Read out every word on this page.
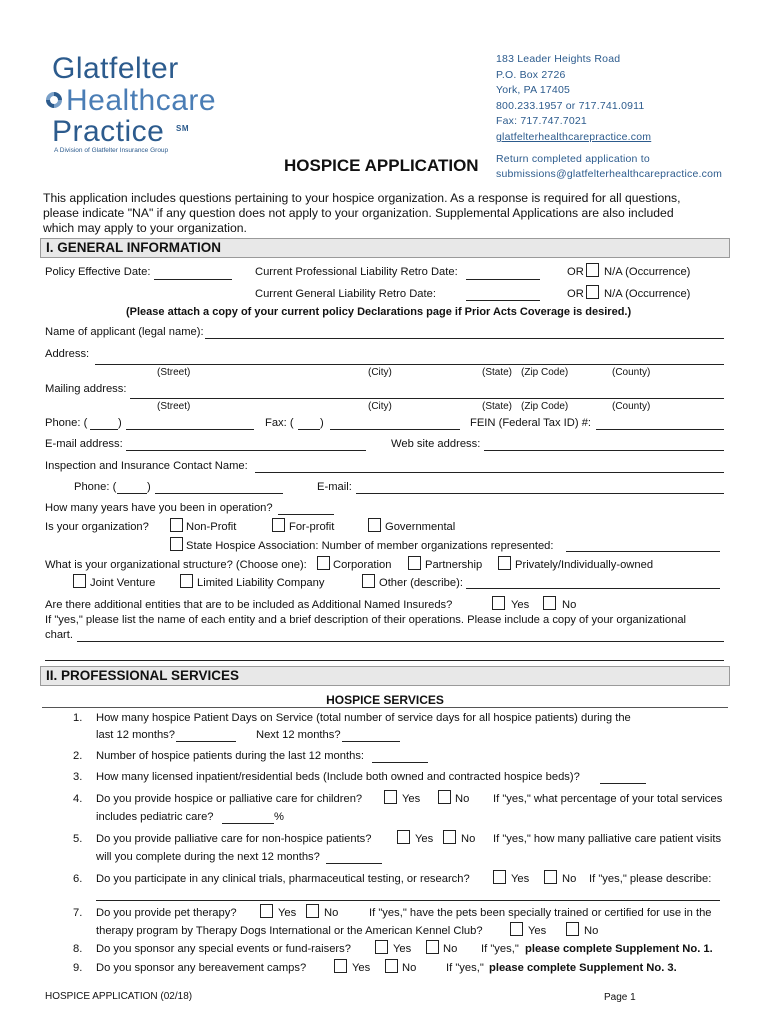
Glatfelter
Healthcare
Practice SM
A Division of Glatfelter Insurance Group
183 Leader Heights Road
P.O. Box 2726
York, PA 17405
800.233.1957 or 717.741.0911
Fax: 717.747.7021
glatfelterhealthcarepractice.com
Return completed application to
submissions@glatfelterhealthcarepractice.com
HOSPICE APPLICATION
This application includes questions pertaining to your hospice organization. As a response is required for all questions,
please indicate "NA" if any question does not apply to your organization. Supplemental Applications are also included
which may apply to your organization.
I. GENERAL INFORMATION
Policy Effective Date:	Current Professional Liability Retro Date:	OR N/A (Occurrence)
Current General Liability Retro Date:	OR N/A (Occurrence)
(Please attach a copy of your current policy Declarations page if Prior Acts Coverage is desired.)
Name of applicant (legal name):
Address:
(Street)	(City)	(State) (Zip Code)	(County)
Mailing address:
(Street)	(City)	(State) (Zip Code)	(County)
Phone: (	)	Fax: ( )	FEIN (Federal Tax ID) #:
E-mail address:	Web site address:
Inspection and Insurance Contact Name:
Phone: (	)	E-mail:
How many years have you been in operation?
Is your organization?	Non-Profit	For-profit	Governmental
State Hospice Association: Number of member organizations represented:
What is your organizational structure? (Choose one): Corporation	Partnership	Privately/Individually-owned
Joint Venture	Limited Liability Company	Other (describe):
Are there additional entities that are to be included as Additional Named Insureds?	Yes	No
If "yes," please list the name of each entity and a brief description of their operations. Please include a copy of your organizational
chart.
II. PROFESSIONAL SERVICES
HOSPICE SERVICES
1. How many hospice Patient Days on Service (total number of service days for all hospice patients) during the
last 12 months?	Next 12 months?
2. Number of hospice patients during the last 12 months:
3. How many licensed inpatient/residential beds (Include both owned and contracted hospice beds)?
4. Do you provide hospice or palliative care for children?	Yes	No If "yes," what percentage of your total services
includes pediatric care?	%
5. Do you provide palliative care for non-hospice patients?	Yes No If "yes," how many palliative care patient visits
will you complete during the next 12 months?
6. Do you participate in any clinical trials, pharmaceutical testing, or research?	Yes	No If "yes," please describe:
7. Do you provide pet therapy?	Yes No	If "yes," have the pets been specially trained or certified for use in the
therapy program by Therapy Dogs International or the American Kennel Club?	Yes	No
8. Do you sponsor any special events or fund-raisers?	Yes	No If "yes," please complete Supplement No. 1.
9. Do you sponsor any bereavement camps?	Yes	No	If "yes," please complete Supplement No. 3.
HOSPICE APPLICATION (02/18)	Page 1
